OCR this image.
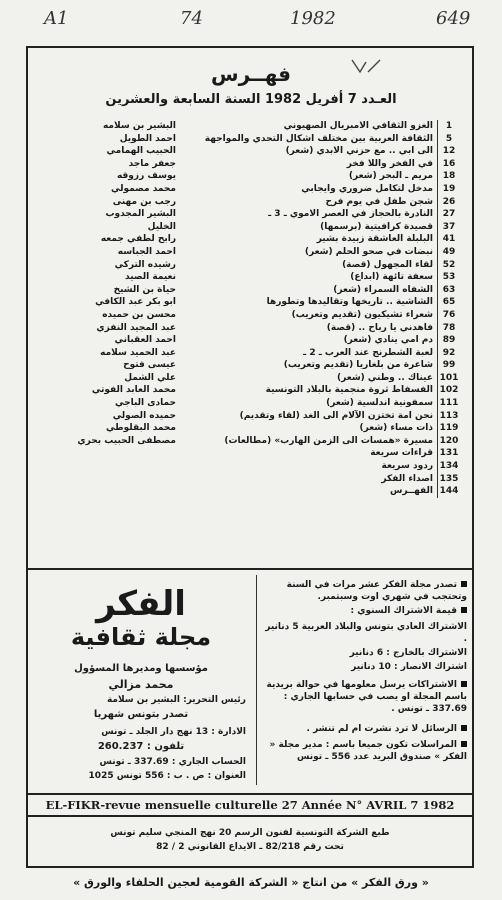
A1	74	1982	649
فهــرس
العـدد 7 أفريل 1982 السنة السابعة والعشرين
1
الغزو الثقافي الامبريال الصهيوني
البشير بن سلامه
5
الثقافة العربية بين مختلف اشكال التحدي والمواجهة
احمد الطويل
12
الى ابي .. مع حزني الابدي (شعر)
الحبيب الهمامي
16
في الفخر واللا فخر
جعفر ماجد
18
مريم ـ البحر (شعر)
يوسف رزوقه
19
مدخل لتكامل ضروري وايجابي
محمد مصمولي
26
شجن طفل في يوم فرح
رجب بن مهنى
27
النادرة بالحجاز في العصر الاموي ـ 3 ـ
البشير المجدوب
37
قصيدة كرافيتية (برسمها)
الخليل
41
البلبلة العاشقة زبيدة بشير
رابح لطفي جمعه
49
نبضات في صحو الحلم (شعر)
احمد الجباسه
52
لقاء المجهول (قصة)
رشيده التركي
53
سعفة تائهة (ابداع)
نعيمة الصيد
63
الشفاه السمراء (شعر)
حياة بن الشيخ
65
الشاشية .. تاريخها وتقاليدها وتطورها
ابو بكر عبد الكافي
76
شعراء تشيكيون (تقديم وتعريب)
محسن بن حميده
78
فاهدني يا رباح .. (قصة)
عبد المجيد النفزي
89
دم امي ينادي (شعر)
احمد العقباني
92
لعبة الشطرنج عند العرب ـ 2 ـ
عبد الحميد سلامه
99
شاعرة من بلغاريا (تقديم وتعريب)
عيسى فتوح
101
عيناك .. وطني (شعر)
علي الشمل
102
الفسفاط ثروة منجمية بالبلاد التونسية
محمد العابد الفوتي
111
سمفونية اندلسية (شعر)
حمادى الباجي
113
نحن امة تختزن الآلام الى الغد (لقاء وتقديم)
حميده الصولي
119
ذات مساء (شعر)
محمد البقلوطي
120
مسيرة «همسات الى الزمن الهارب» (مطالعات)
مصطفى الحبيب بحري
131
قراءات سريعة
134
ردود سريعة
135
اصداء الفكر
144
الفهــرس
الفكر
مجلة ثقافية
مؤسسها ومديرها المسؤول
محمد مزالي
رئيس التحرير: البشير بن سلامة
تصدر بتونس شهريا
الادارة : 13 نهج دار الجلد ـ تونس
تلفون : 260.237
الحساب الجاري : 337.69 ـ تونس
العنوان : ص . ب : 556 تونس 1025
تصدر مجلة الفكر عشر مرات في السنة وتحتجب في شهري اوت وسبتمبر.
قيمة الاشتراك السنوي :
الاشتراك العادي بتونس والبلاد العربية 5 دنانير .
الاشتراك بالخارج : 6 دنانير
اشتراك الانصار : 10 دنانير
الاشتراكات يرسل معلومها في حوالة بريدية باسم المجلة او يصب في حسابها الجاري : 337.69 ـ تونس .
الرسائل لا ترد نشرت ام لم تنشر .
المراسلات تكون جميعا باسم : مدير مجلة « الفكر » صندوق البريد عدد 556 ـ تونس
EL-FIKR-revue mensuelle culturelle 27 Année N° AVRIL 7 1982
طبع الشركة التونسية لفنون الرسم 20 نهج المنجي سليم تونس
تحت رقم 82/218 ـ الايداع القانوني 2 / 82
« ورق الفكر » من انتاج « الشركة القومية لعجين الحلفاء والورق »
